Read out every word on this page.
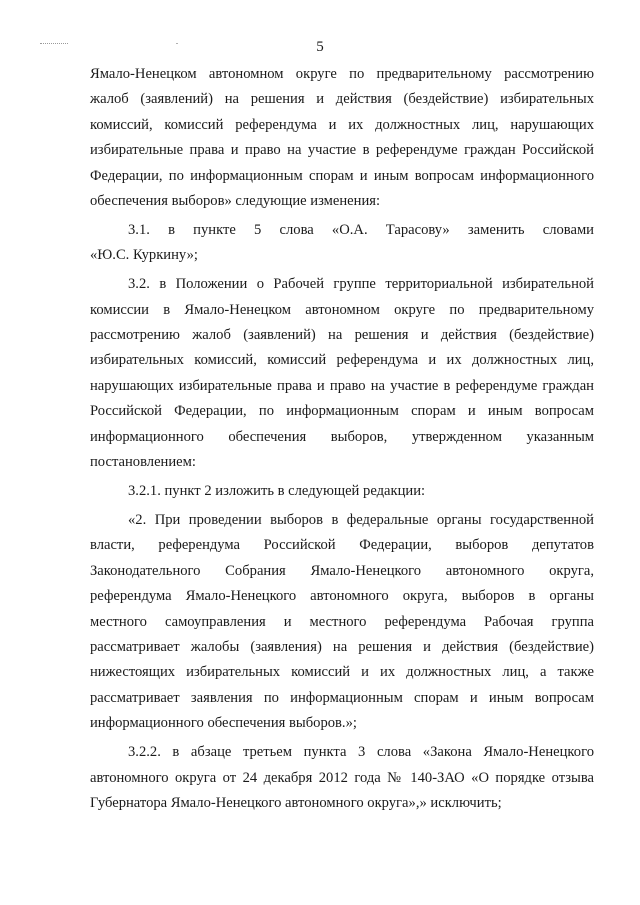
5
Ямало-Ненецком автономном округе по предварительному рассмотрению
жалоб (заявлений) на решения и действия (бездействие) избирательных
комиссий, комиссий референдума и их должностных лиц, нарушающих
избирательные права и право на участие в референдуме граждан Российской
Федерации, по информационным спорам и иным вопросам информационного
обеспечения выборов» следующие изменения:
3.1. в пункте 5 слова «О.А. Тарасову» заменить словами
«Ю.С. Куркину»;
3.2. в Положении о Рабочей группе территориальной избирательной
комиссии в Ямало-Ненецком автономном округе по предварительному
рассмотрению жалоб (заявлений) на решения и действия (бездействие)
избирательных комиссий, комиссий референдума и их должностных лиц,
нарушающих избирательные права и право на участие в референдуме граждан
Российской Федерации, по информационным спорам и иным вопросам
информационного обеспечения выборов, утвержденном указанным
постановлением:
3.2.1. пункт 2 изложить в следующей редакции:
«2. При проведении выборов в федеральные органы государственной
власти, референдума Российской Федерации, выборов депутатов
Законодательного Собрания Ямало-Ненецкого автономного округа,
референдума Ямало-Ненецкого автономного округа, выборов в органы
местного самоуправления и местного референдума Рабочая группа
рассматривает жалобы (заявления) на решения и действия (бездействие)
нижестоящих избирательных комиссий и их должностных лиц, а также
рассматривает заявления по информационным спорам и иным вопросам
информационного обеспечения выборов.»;
3.2.2. в абзаце третьем пункта 3 слова «Закона Ямало-Ненецкого
автономного округа от 24 декабря 2012 года № 140-ЗАО «О порядке отзыва
Губернатора Ямало-Ненецкого автономного округа»,» исключить;
